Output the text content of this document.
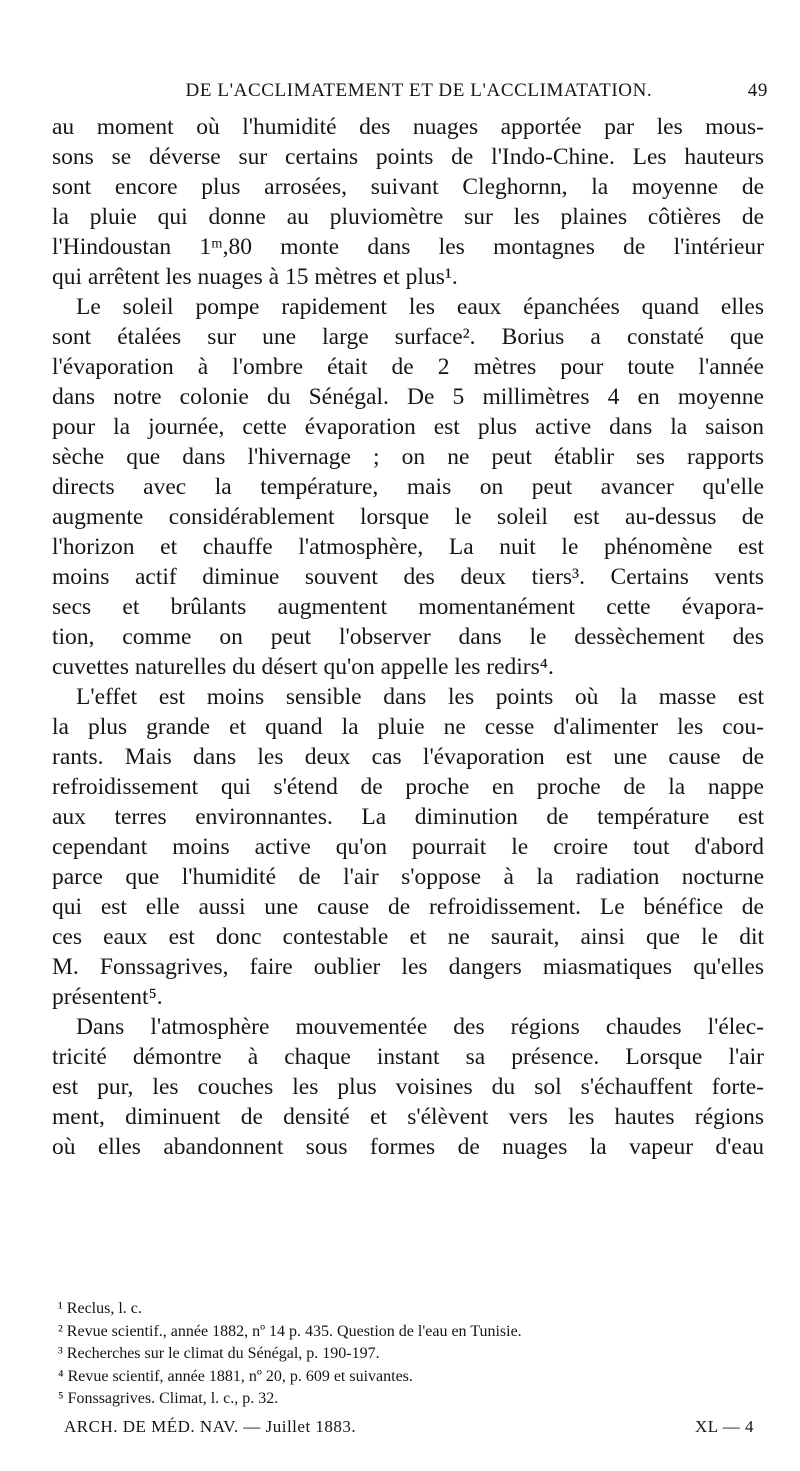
DE L'ACCLIMATEMENT ET DE L'ACCLIMATATION.	49
au moment où l'humidité des nuages apportée par les mous-
sons se déverse sur certains points de l'Indo-Chine. Les hauteurs
sont encore plus arrosées, suivant Cleghornn, la moyenne de
la pluie qui donne au pluviomètre sur les plaines côtières de
l'Hindoustan 1ᵐ,80 monte dans les montagnes de l'intérieur
qui arrêtent les nuages à 15 mètres et plus¹.
Le soleil pompe rapidement les eaux épanchées quand elles
sont étalées sur une large surface². Borius a constaté que
l'évaporation à l'ombre était de 2 mètres pour toute l'année
dans notre colonie du Sénégal. De 5 millimètres 4 en moyenne
pour la journée, cette évaporation est plus active dans la saison
sèche que dans l'hivernage ; on ne peut établir ses rapports
directs avec la température, mais on peut avancer qu'elle
augmente considérablement lorsque le soleil est au-dessus de
l'horizon et chauffe l'atmosphère, La nuit le phénomène est
moins actif diminue souvent des deux tiers³. Certains vents
secs et brûlants augmentent momentanément cette évapora-
tion, comme on peut l'observer dans le dessèchement des
cuvettes naturelles du désert qu'on appelle les redirs⁴.
L'effet est moins sensible dans les points où la masse est
la plus grande et quand la pluie ne cesse d'alimenter les cou-
rants. Mais dans les deux cas l'évaporation est une cause de
refroidissement qui s'étend de proche en proche de la nappe
aux terres environnantes. La diminution de température est
cependant moins active qu'on pourrait le croire tout d'abord
parce que l'humidité de l'air s'oppose à la radiation nocturne
qui est elle aussi une cause de refroidissement. Le bénéfice de
ces eaux est donc contestable et ne saurait, ainsi que le dit
M. Fonssagrives, faire oublier les dangers miasmatiques qu'elles
présentent⁵.
Dans l'atmosphère mouvementée des régions chaudes l'élec-
tricité démontre à chaque instant sa présence. Lorsque l'air
est pur, les couches les plus voisines du sol s'échauffent forte-
ment, diminuent de densité et s'élèvent vers les hautes régions
où elles abandonnent sous formes de nuages la vapeur d'eau
¹ Reclus, l. c.
² Revue scientif., année 1882, nº 14 p. 435. Question de l'eau en Tunisie.
³ Recherches sur le climat du Sénégal, p. 190-197.
⁴ Revue scientif, année 1881, nº 20, p. 609 et suivantes.
⁵ Fonssagrives. Climat, l. c., p. 32.
ARCH. DE MÉD. NAV. — Juillet 1883.	XL — 4
